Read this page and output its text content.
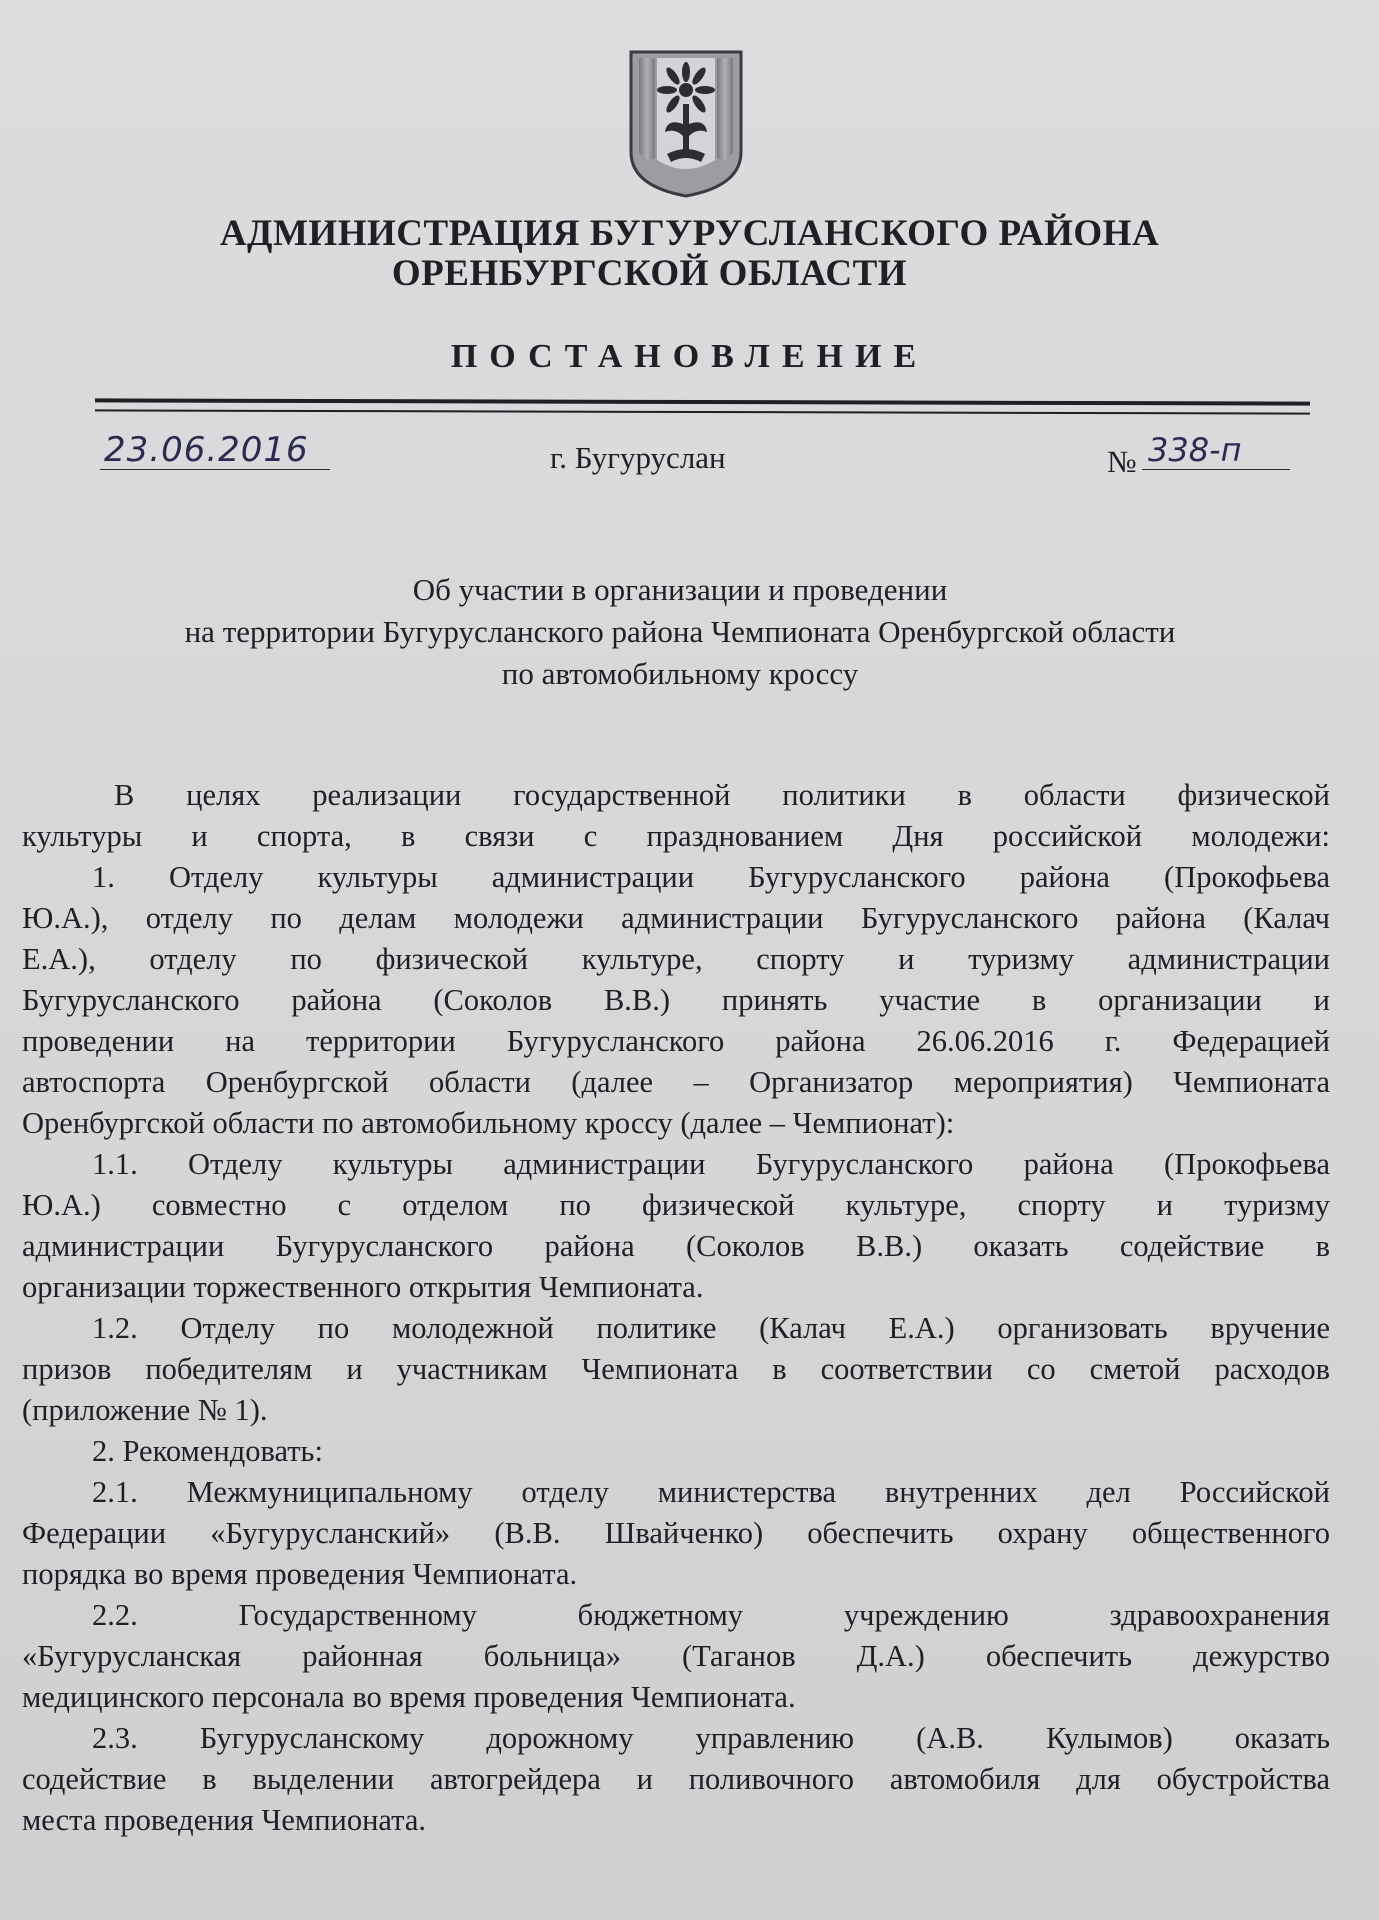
АДМИНИСТРАЦИЯ БУГУРУСЛАНСКОГО РАЙОНА
ОРЕНБУРГСКОЙ ОБЛАСТИ
ПОСТАНОВЛЕНИЕ
23.06.2016	г. Бугуруслан	№ 338-п
Об участии в организации и проведении
на территории Бугурусланского района Чемпионата Оренбургской области
по автомобильному кроссу
В целях реализации государственной политики в области физической
культуры и спорта, в связи с празднованием Дня российской молодежи:
1. Отделу культуры администрации Бугурусланского района (Прокофьева
Ю.А.), отделу по делам молодежи администрации Бугурусланского района (Калач
Е.А.), отделу по физической культуре, спорту и туризму администрации
Бугурусланского района (Соколов В.В.) принять участие в организации и
проведении на территории Бугурусланского района 26.06.2016 г. Федерацией
автоспорта Оренбургской области (далее – Организатор мероприятия) Чемпионата
Оренбургской области по автомобильному кроссу (далее – Чемпионат):
1.1. Отделу культуры администрации Бугурусланского района (Прокофьева
Ю.А.) совместно с отделом по физической культуре, спорту и туризму
администрации Бугурусланского района (Соколов В.В.) оказать содействие в
организации торжественного открытия Чемпионата.
1.2. Отделу по молодежной политике (Калач Е.А.) организовать вручение
призов победителям и участникам Чемпионата в соответствии со сметой расходов
(приложение № 1).
2. Рекомендовать:
2.1. Межмуниципальному отделу министерства внутренних дел Российской
Федерации «Бугурусланский» (В.В. Швайченко) обеспечить охрану общественного
порядка во время проведения Чемпионата.
2.2. Государственному бюджетному учреждению здравоохранения
«Бугурусланская районная больница» (Таганов Д.А.) обеспечить дежурство
медицинского персонала во время проведения Чемпионата.
2.3. Бугурусланскому дорожному управлению (А.В. Кулымов) оказать
содействие в выделении автогрейдера и поливочного автомобиля для обустройства
места проведения Чемпионата.
